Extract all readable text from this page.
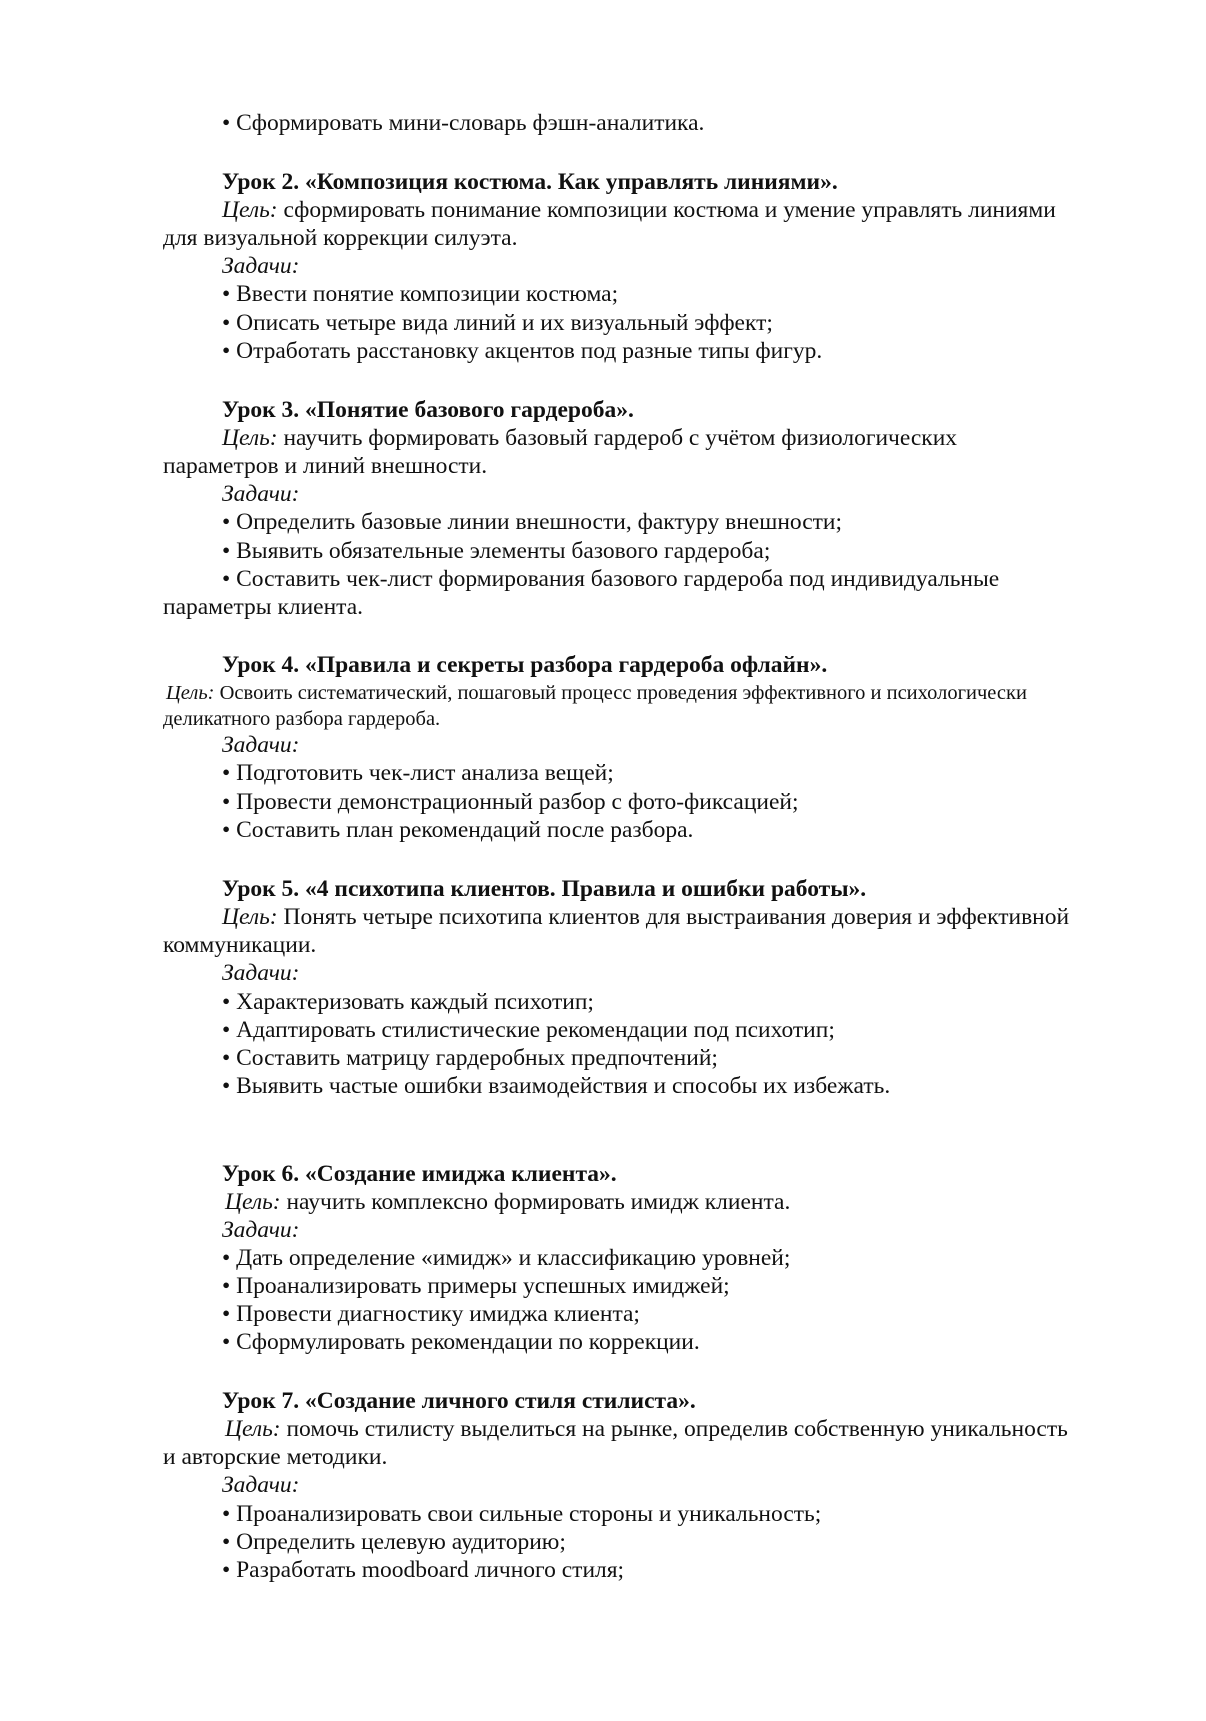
• Сформировать мини-словарь фэшн-аналитика.
Урок 2. «Композиция костюма. Как управлять линиями».
Цель: сформировать понимание композиции костюма и умение управлять линиями
для визуальной коррекции силуэта.
Задачи:
• Ввести понятие композиции костюма;
• Описать четыре вида линий и их визуальный эффект;
• Отработать расстановку акцентов под разные типы фигур.
Урок 3. «Понятие базового гардероба».
Цель: научить формировать базовый гардероб с учётом физиологических
параметров и линий внешности.
Задачи:
• Определить базовые линии внешности, фактуру внешности;
• Выявить обязательные элементы базового гардероба;
• Составить чек-лист формирования базового гардероба под индивидуальные
параметры клиента.
Урок 4. «Правила и секреты разбора гардероба офлайн».
Цель: Освоить систематический, пошаговый процесс проведения эффективного и психологически
деликатного разбора гардероба.
Задачи:
• Подготовить чек-лист анализа вещей;
• Провести демонстрационный разбор с фото-фиксацией;
• Составить план рекомендаций после разбора.
Урок 5. «4 психотипа клиентов. Правила и ошибки работы».
Цель: Понять четыре психотипа клиентов для выстраивания доверия и эффективной
коммуникации.
Задачи:
• Характеризовать каждый психотип;
• Адаптировать стилистические рекомендации под психотип;
• Составить матрицу гардеробных предпочтений;
• Выявить частые ошибки взаимодействия и способы их избежать.
Урок 6. «Создание имиджа клиента».
Цель: научить комплексно формировать имидж клиента.
Задачи:
• Дать определение «имидж» и классификацию уровней;
• Проанализировать примеры успешных имиджей;
• Провести диагностику имиджа клиента;
• Сформулировать рекомендации по коррекции.
Урок 7. «Создание личного стиля стилиста».
Цель: помочь стилисту выделиться на рынке, определив собственную уникальность
и авторские методики.
Задачи:
• Проанализировать свои сильные стороны и уникальность;
• Определить целевую аудиторию;
• Разработать moodboard личного стиля;
